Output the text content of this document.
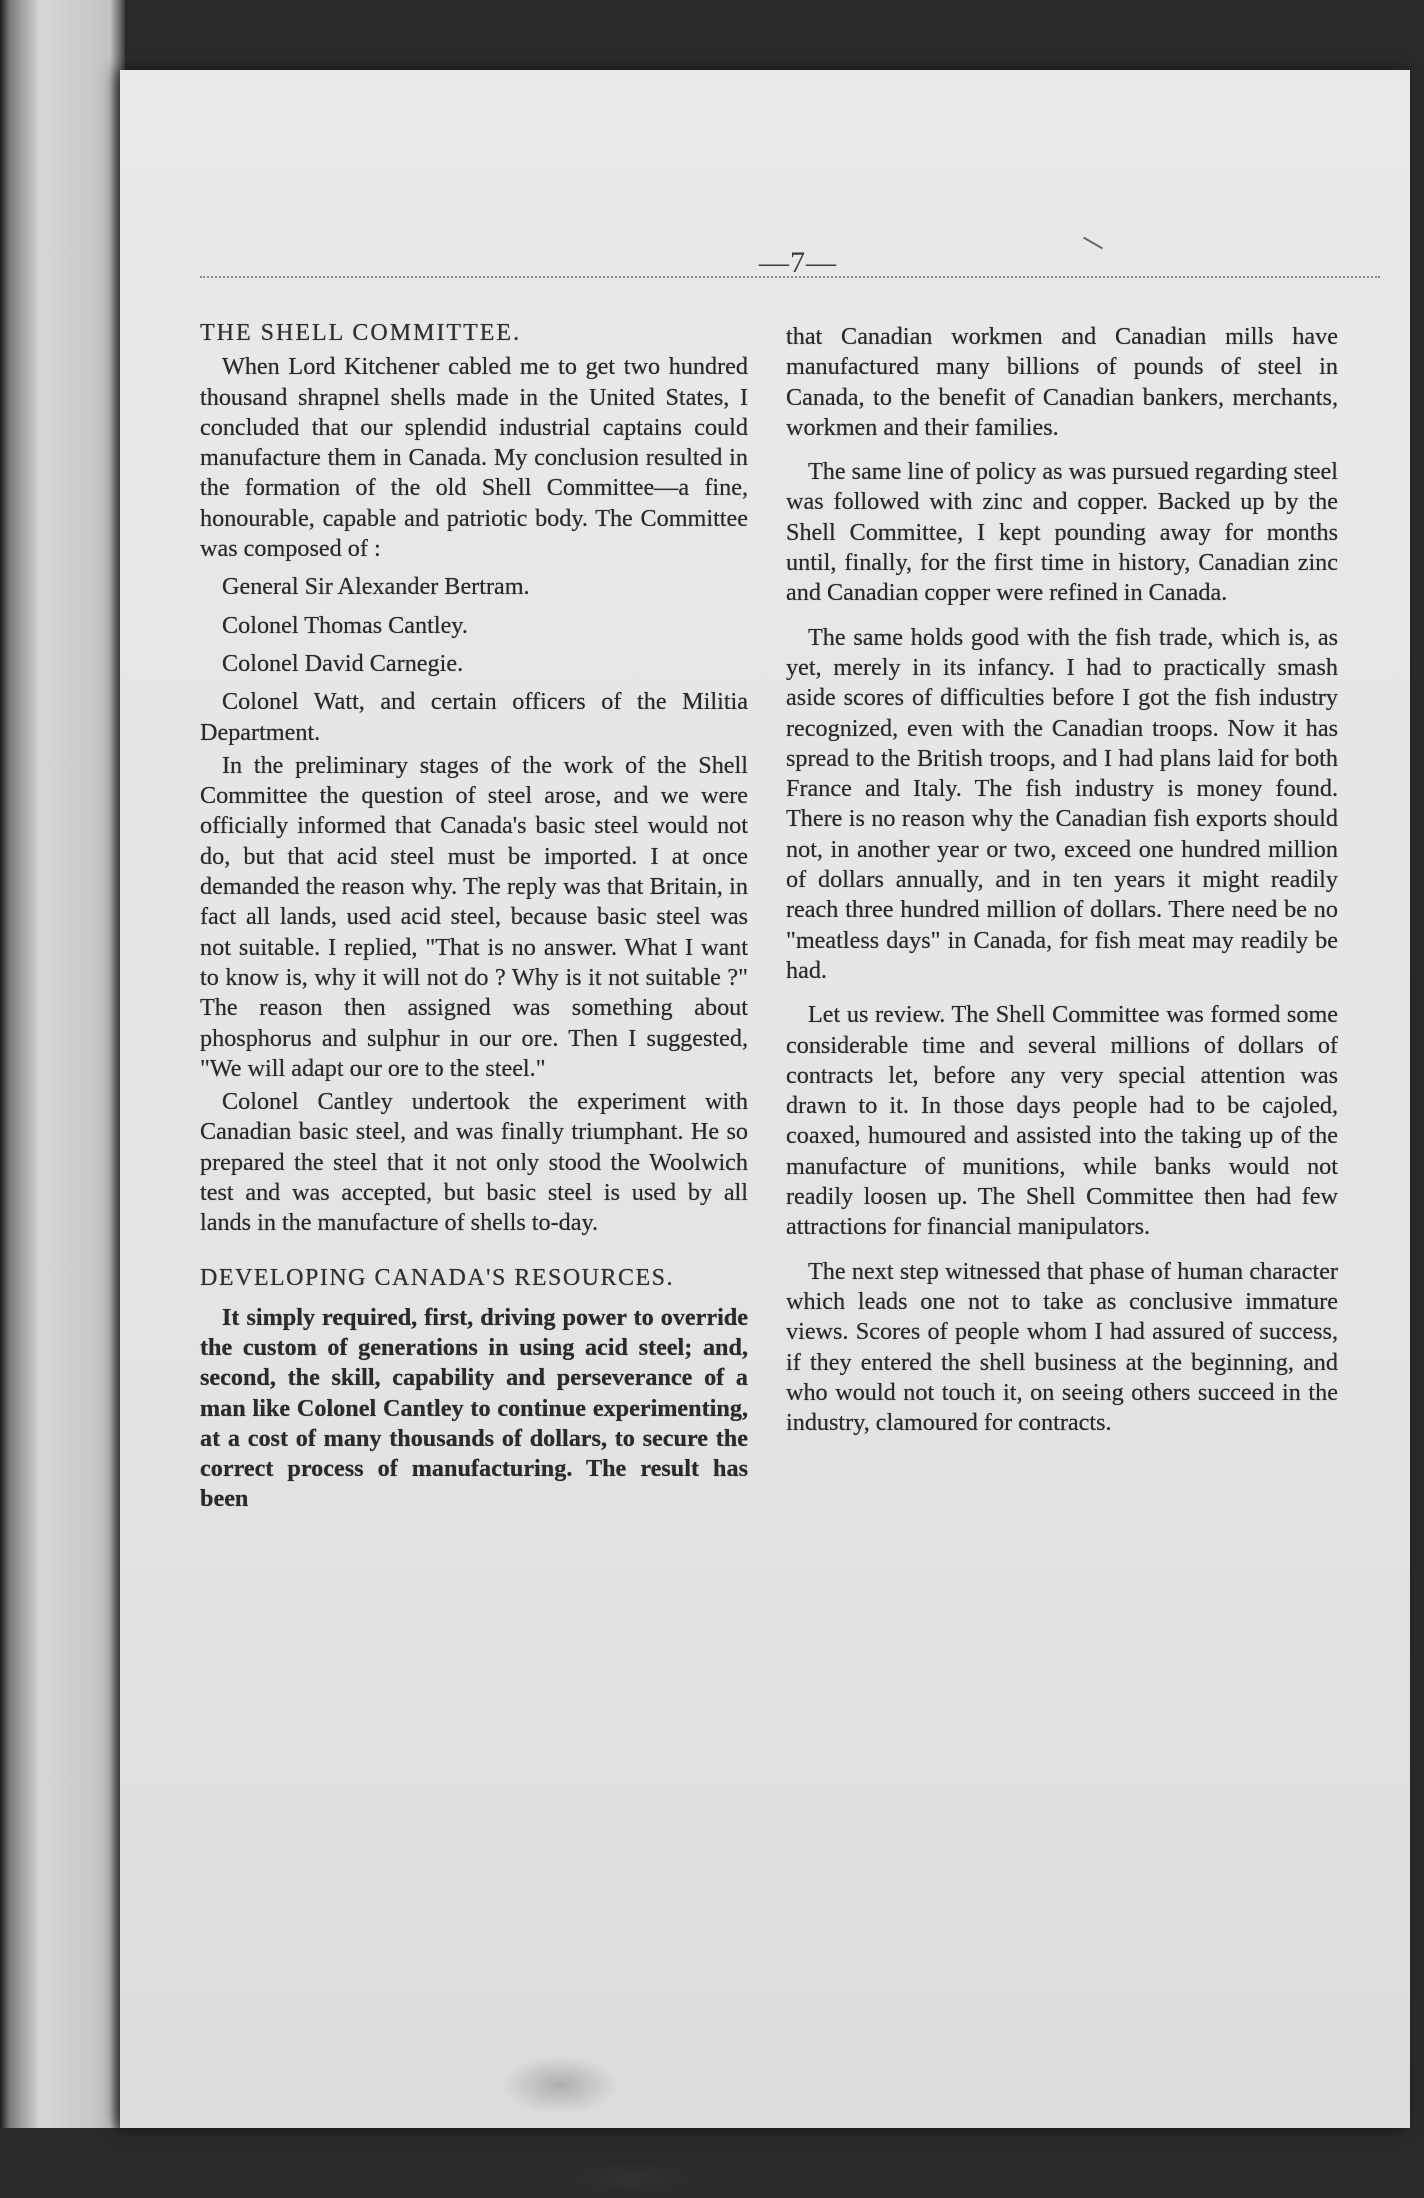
—7—

THE SHELL COMMITTEE.

When Lord Kitchener cabled me to get two hundred thousand shrapnel shells made in the United States, I concluded that our splendid industrial captains could manufacture them in Canada. My conclusion resulted in the formation of the old Shell Committee—a fine, honourable, capable and patriotic body. The Committee was composed of :

General Sir Alexander Bertram.

Colonel Thomas Cantley.

Colonel David Carnegie.

Colonel Watt, and certain officers of the Militia Department.

In the preliminary stages of the work of the Shell Committee the question of steel arose, and we were officially informed that Canada's basic steel would not do, but that acid steel must be imported. I at once demanded the reason why. The reply was that Britain, in fact all lands, used acid steel, because basic steel was not suitable. I replied, "That is no answer. What I want to know is, why it will not do ? Why is it not suitable ?" The reason then assigned was something about phosphorus and sulphur in our ore. Then I suggested, "We will adapt our ore to the steel."

Colonel Cantley undertook the experiment with Canadian basic steel, and was finally triumphant. He so prepared the steel that it not only stood the Woolwich test and was accepted, but basic steel is used by all lands in the manufacture of shells to-day.

DEVELOPING CANADA'S RESOURCES.

It simply required, first, driving power to override the custom of generations in using acid steel; and, second, the skill, capability and perseverance of a man like Colonel Cantley to continue experimenting, at a cost of many thousands of dollars, to secure the correct process of manufacturing. The result has been

that Canadian workmen and Canadian mills have manufactured many billions of pounds of steel in Canada, to the benefit of Canadian bankers, merchants, workmen and their families.

The same line of policy as was pursued regarding steel was followed with zinc and copper. Backed up by the Shell Committee, I kept pounding away for months until, finally, for the first time in history, Canadian zinc and Canadian copper were refined in Canada.

The same holds good with the fish trade, which is, as yet, merely in its infancy. I had to practically smash aside scores of difficulties before I got the fish industry recognized, even with the Canadian troops. Now it has spread to the British troops, and I had plans laid for both France and Italy. The fish industry is money found. There is no reason why the Canadian fish exports should not, in another year or two, exceed one hundred million of dollars annually, and in ten years it might readily reach three hundred million of dollars. There need be no "meatless days" in Canada, for fish meat may readily be had.

Let us review. The Shell Committee was formed some considerable time and several millions of dollars of contracts let, before any very special attention was drawn to it. In those days people had to be cajoled, coaxed, humoured and assisted into the taking up of the manufacture of munitions, while banks would not readily loosen up. The Shell Committee then had few attractions for financial manipulators.

The next step witnessed that phase of human character which leads one not to take as conclusive immature views. Scores of people whom I had assured of success, if they entered the shell business at the beginning, and who would not touch it, on seeing others succeed in the industry, clamoured for contracts.
